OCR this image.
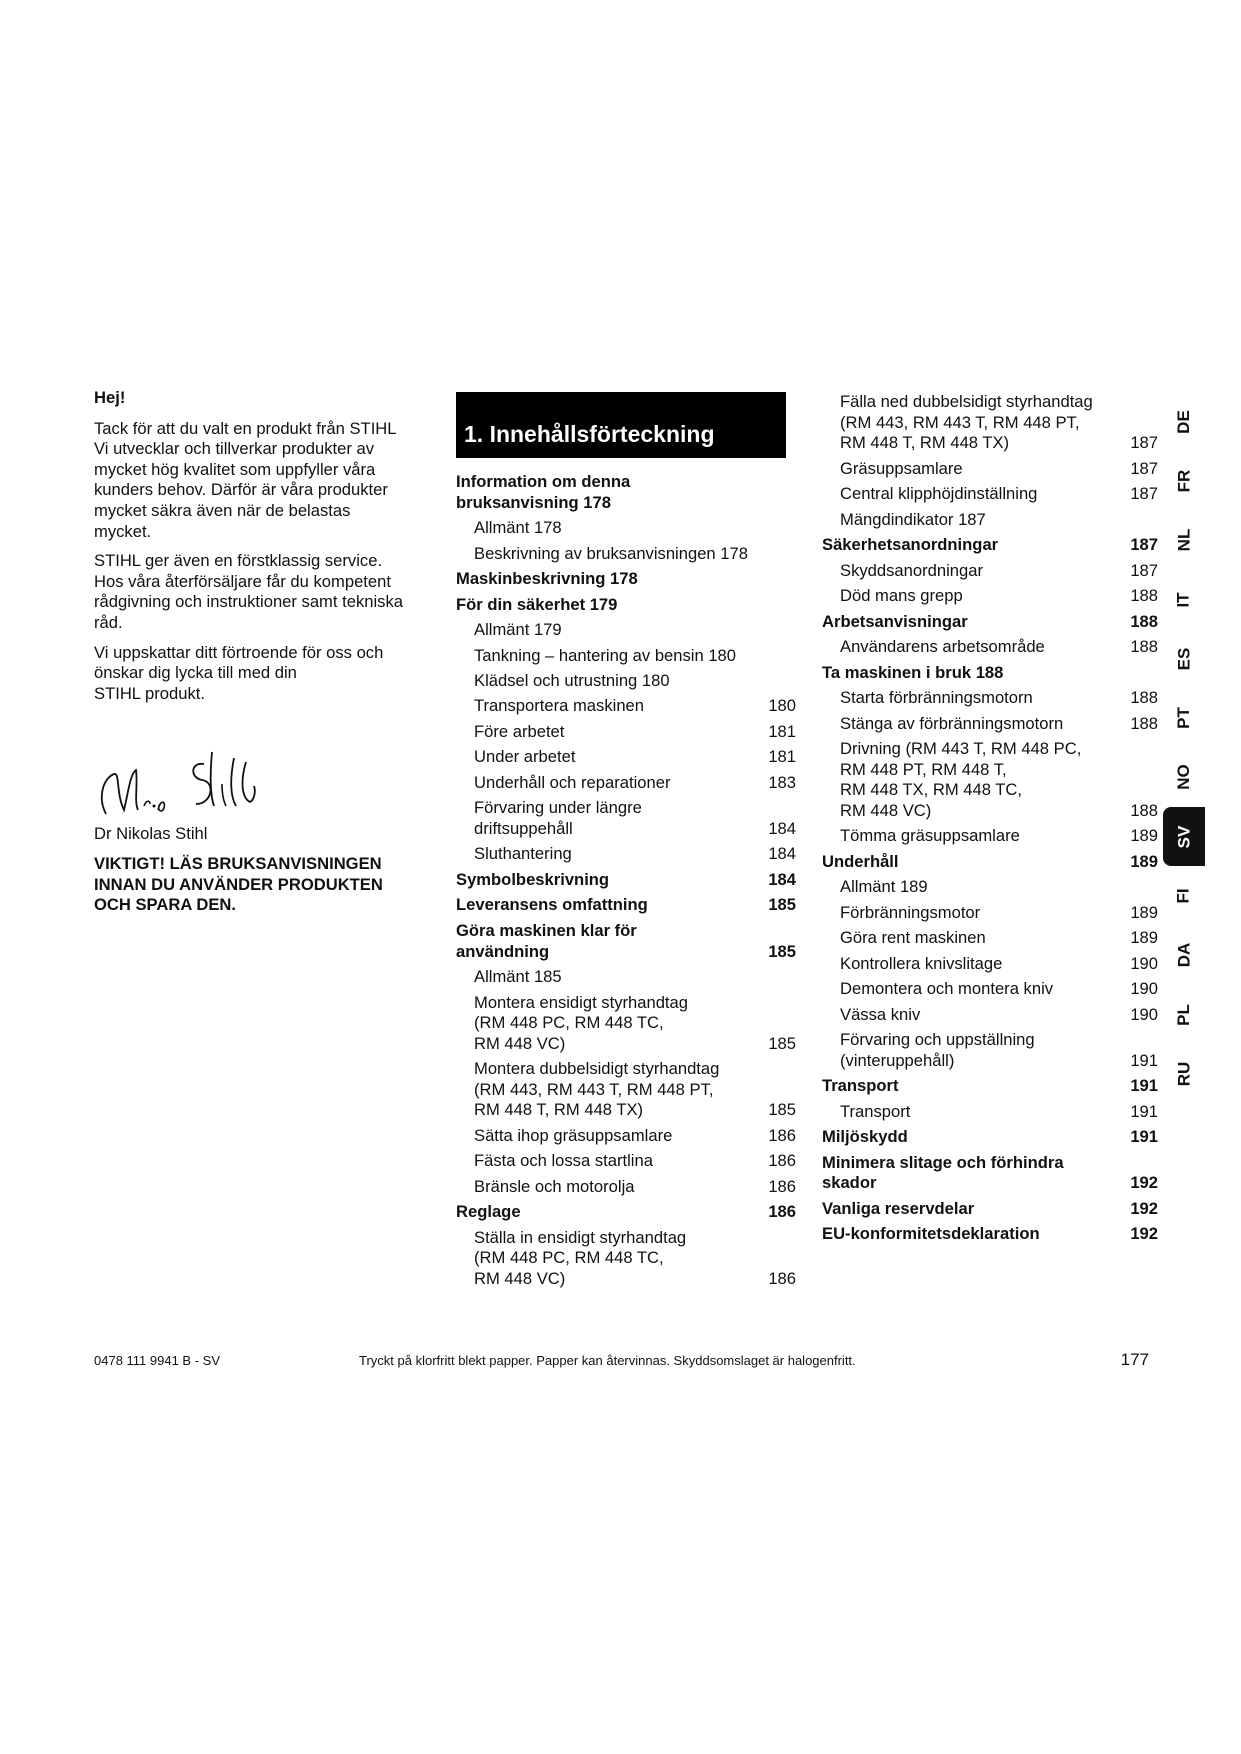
Hej!

Tack för att du valt en produkt från STIHL
Vi utvecklar och tillverkar produkter av
mycket hög kvalitet som uppfyller våra
kunders behov. Därför är våra produkter
mycket säkra även när de belastas
mycket.

STIHL ger även en förstklassig service.
Hos våra återförsäljare får du kompetent
rådgivning och instruktioner samt tekniska
råd.

Vi uppskattar ditt förtroende för oss och
önskar dig lycka till med din
STIHL produkt.

Dr Nikolas Stihl

VIKTIGT! LÄS BRUKSANVISNINGEN
INNAN DU ANVÄNDER PRODUKTEN
OCH SPARA DEN.

1. Innehållsförteckning
Information om denna
bruksanvisning 178
Allmänt 178
Beskrivning av bruksanvisningen 178
Maskinbeskrivning 178
För din säkerhet 179
Allmänt 179
Tankning – hantering av bensin 180
Klädsel och utrustning 180
Transportera maskinen	180
Före arbetet	181
Under arbetet	181
Underhåll och reparationer	183
Förvaring under längre
driftsuppehåll	184
Sluthantering	184
Symbolbeskrivning	184
Leveransens omfattning	185
Göra maskinen klar för
användning	185
Allmänt 185
Montera ensidigt styrhandtag
(RM 448 PC, RM 448 TC,
RM 448 VC)	185
Montera dubbelsidigt styrhandtag
(RM 443, RM 443 T, RM 448 PT,
RM 448 T, RM 448 TX)	185
Sätta ihop gräsuppsamlare	186
Fästa och lossa startlina	186
Bränsle och motorolja	186
Reglage	186
Ställa in ensidigt styrhandtag
(RM 448 PC, RM 448 TC,
RM 448 VC)	186
Fälla ned dubbelsidigt styrhandtag
(RM 443, RM 443 T, RM 448 PT,
RM 448 T, RM 448 TX)	187
Gräsuppsamlare	187
Central klipphöjdinställning	187
Mängdindikator 187
Säkerhetsanordningar	187
Skyddsanordningar	187
Död mans grepp	188
Arbetsanvisningar	188
Användarens arbetsområde	188
Ta maskinen i bruk 188
Starta förbränningsmotorn	188
Stänga av förbränningsmotorn	188
Drivning (RM 443 T, RM 448 PC,
RM 448 PT, RM 448 T,
RM 448 TX, RM 448 TC,
RM 448 VC)	188
Tömma gräsuppsamlare	189
Underhåll	189
Allmänt 189
Förbränningsmotor	189
Göra rent maskinen	189
Kontrollera knivslitage	190
Demontera och montera kniv	190
Vässa kniv	190
Förvaring och uppställning
(vinteruppehåll)	191
Transport	191
Transport	191
Miljöskydd	191
Minimera slitage och förhindra
skador	192
Vanliga reservdelar	192
EU-konformitetsdeklaration	192
DE
FR
NL
IT
ES
PT
NO
SV
FI
DA
PL
RU
0478 111 9941 B - SV	Tryckt på klorfritt blekt papper. Papper kan återvinnas. Skyddsomslaget är halogenfritt.	177
